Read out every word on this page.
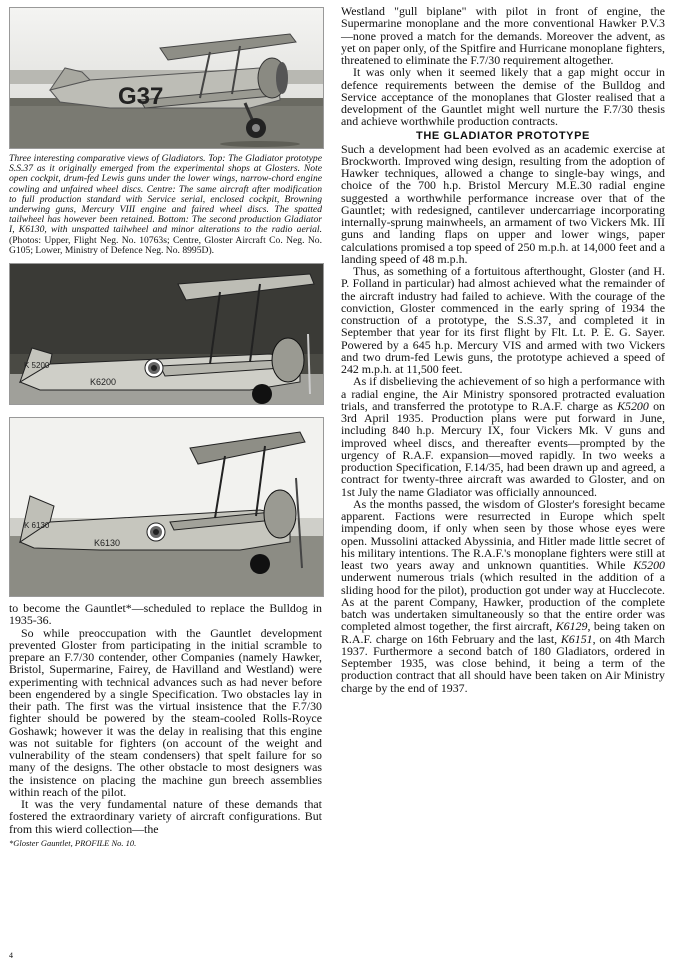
G37
Three interesting comparative views of Gladiators. Top: The Gladiator prototype S.S.37 as it originally emerged from the experimental shops at Glosters. Note open cockpit, drum-fed Lewis guns under the lower wings, narrow-chord engine cowling and unfaired wheel discs. Centre: The same aircraft after modification to full production standard with Service serial, enclosed cockpit, Browning underwing guns, Mercury VIII engine and faired wheel discs. The spatted tailwheel has however been retained. Bottom: The second production Gladiator I, K6130, with unspatted tailwheel and minor alterations to the radio aerial. (Photos: Upper, Flight Neg. No. 10763s; Centre, Gloster Aircraft Co. Neg. No. G105; Lower, Ministry of Defence Neg. No. 8995D).
K6200
K 5200
K6130
K 6130

to become the Gauntlet*—scheduled to replace the Bulldog in 1935-36.

So while preoccupation with the Gauntlet development prevented Gloster from participating in the initial scramble to prepare an F.7/30 contender, other Companies (namely Hawker, Bristol, Supermarine, Fairey, de Havilland and Westland) were experimenting with technical advances such as had never before been engendered by a single Specification. Two obstacles lay in their path. The first was the virtual insistence that the F.7/30 fighter should be powered by the steam-cooled Rolls-Royce Goshawk; however it was the delay in realising that this engine was not suitable for fighters (on account of the weight and vulnerability of the steam condensers) that spelt failure for so many of the designs. The other obstacle to most designers was the insistence on placing the machine gun breech assemblies within reach of the pilot.

It was the very fundamental nature of these demands that fostered the extraordinary variety of aircraft configurations. But from this wierd collection—the

*Gloster Gauntlet, PROFILE No. 10.

Westland "gull biplane" with pilot in front of engine, the Supermarine monoplane and the more conventional Hawker P.V.3—none proved a match for the demands. Moreover the advent, as yet on paper only, of the Spitfire and Hurricane monoplane fighters, threatened to eliminate the F.7/30 requirement altogether.

It was only when it seemed likely that a gap might occur in defence requirements between the demise of the Bulldog and Service acceptance of the monoplanes that Gloster realised that a development of the Gauntlet might well nurture the F.7/30 thesis and achieve worthwhile production contracts.

THE GLADIATOR PROTOTYPE

Such a development had been evolved as an academic exercise at Brockworth. Improved wing design, resulting from the adoption of Hawker techniques, allowed a change to single-bay wings, and choice of the 700 h.p. Bristol Mercury M.E.30 radial engine suggested a worthwhile performance increase over that of the Gauntlet; with redesigned, cantilever undercarriage incorporating internally-sprung mainwheels, an armament of two Vickers Mk. III guns and landing flaps on upper and lower wings, paper calculations promised a top speed of 250 m.p.h. at 14,000 feet and a landing speed of 48 m.p.h.

Thus, as something of a fortuitous afterthought, Gloster (and H. P. Folland in particular) had almost achieved what the remainder of the aircraft industry had failed to achieve. With the courage of the conviction, Gloster commenced in the early spring of 1934 the construction of a prototype, the S.S.37, and completed it in September that year for its first flight by Flt. Lt. P. E. G. Sayer. Powered by a 645 h.p. Mercury VIS and armed with two Vickers and two drum-fed Lewis guns, the prototype achieved a speed of 242 m.p.h. at 11,500 feet.

As if disbelieving the achievement of so high a performance with a radial engine, the Air Ministry sponsored protracted evaluation trials, and transferred the prototype to R.A.F. charge as K5200 on 3rd April 1935. Production plans were put forward in June, including 840 h.p. Mercury IX, four Vickers Mk. V guns and improved wheel discs, and thereafter events—prompted by the urgency of R.A.F. expansion—moved rapidly. In two weeks a production Specification, F.14/35, had been drawn up and agreed, a contract for twenty-three aircraft was awarded to Gloster, and on 1st July the name Gladiator was officially announced.

As the months passed, the wisdom of Gloster's foresight became apparent. Factions were resurrected in Europe which spelt impending doom, if only when seen by those whose eyes were open. Mussolini attacked Abyssinia, and Hitler made little secret of his military intentions. The R.A.F.'s monoplane fighters were still at least two years away and unknown quantities. While K5200 underwent numerous trials (which resulted in the addition of a sliding hood for the pilot), production got under way at Hucclecote. As at the parent Company, Hawker, production of the complete batch was undertaken simultaneously so that the entire order was completed almost together, the first aircraft, K6129, being taken on R.A.F. charge on 16th February and the last, K6151, on 4th March 1937. Furthermore a second batch of 180 Gladiators, ordered in September 1935, was close behind, it being a term of the production contract that all should have been taken on Air Ministry charge by the end of 1937.

4
